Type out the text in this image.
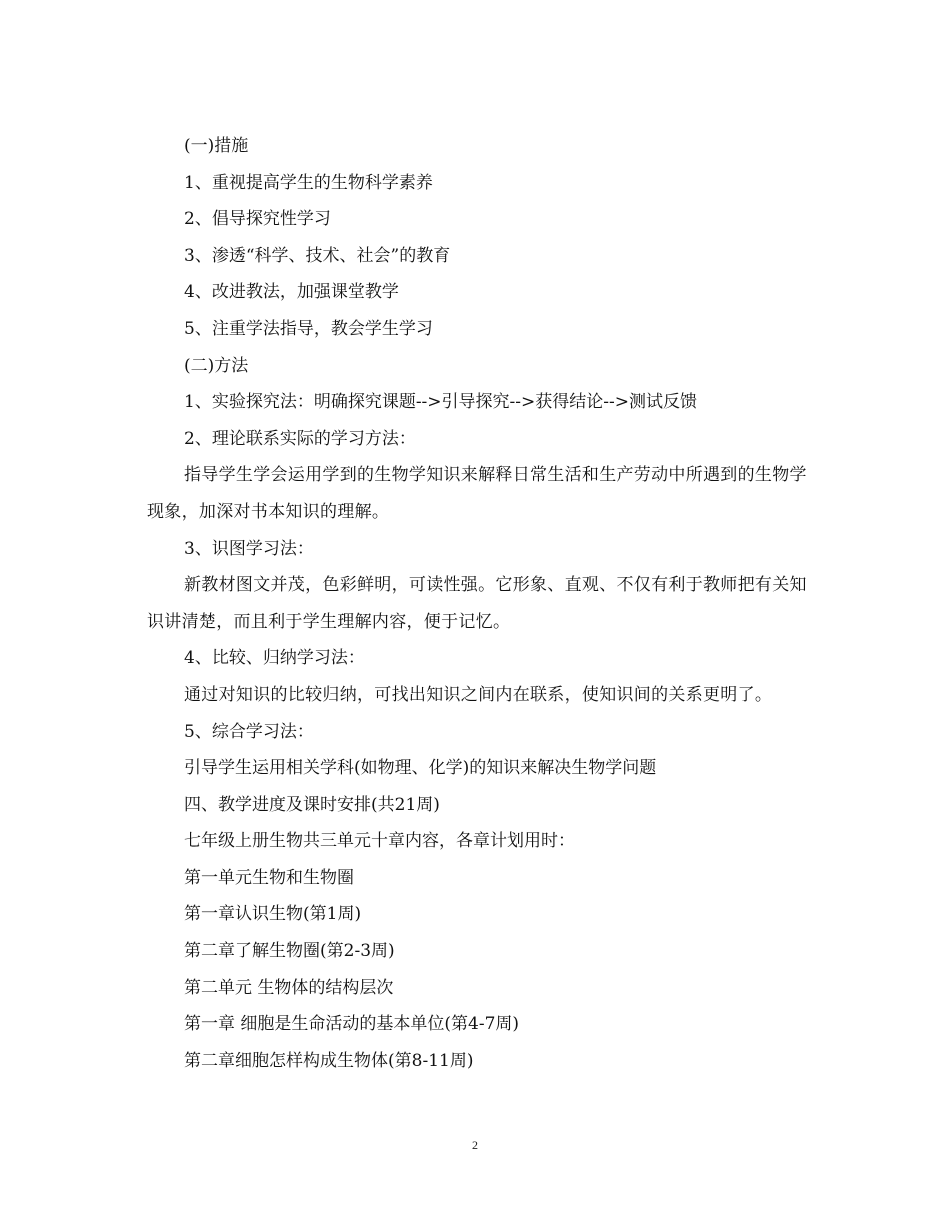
(一)措施
1、重视提高学生的生物科学素养
2、倡导探究性学习
3、渗透“科学、技术、社会”的教育
4、改进教法，加强课堂教学
5、注重学法指导，教会学生学习
(二)方法
1、实验探究法：明确探究课题-->引导探究-->获得结论-->测试反馈
2、理论联系实际的学习方法：
指导学生学会运用学到的生物学知识来解释日常生活和生产劳动中所遇到的生物学现象，加深对书本知识的理解。
3、识图学习法：
新教材图文并茂，色彩鲜明，可读性强。它形象、直观、不仅有利于教师把有关知识讲清楚，而且利于学生理解内容，便于记忆。
4、比较、归纳学习法：
通过对知识的比较归纳，可找出知识之间内在联系，使知识间的关系更明了。
5、综合学习法：
引导学生运用相关学科(如物理、化学)的知识来解决生物学问题
四、教学进度及课时安排(共21周)
七年级上册生物共三单元十章内容，各章计划用时：
第一单元生物和生物圈
第一章认识生物(第1周)
第二章了解生物圈(第2-3周)
第二单元 生物体的结构层次
第一章 细胞是生命活动的基本单位(第4-7周)
第二章细胞怎样构成生物体(第8-11周)
2
